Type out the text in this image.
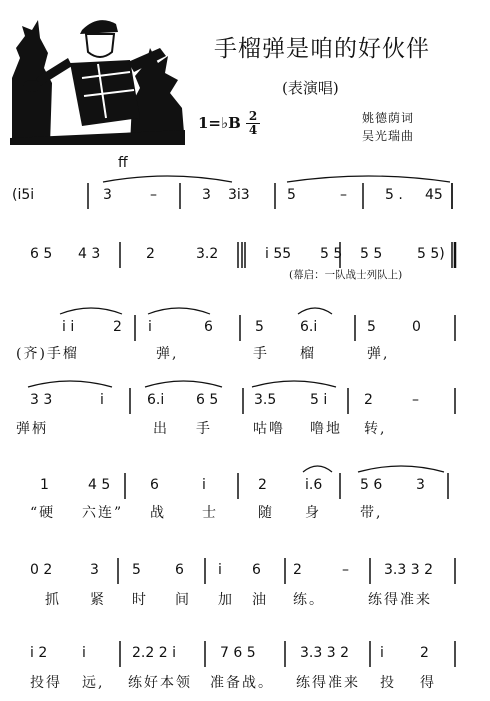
手榴弹是咱的好伙伴
(表演唱)
1=♭B 2
4
姚德荫词
吴光瑞曲
(i5i	3	–	3 3i3	5	–	5 . 45
ff
6 5 4 3	2	3.2	i 55 5 5 5 5 5 5)
(幕启：一队战士列队上)
i i	2 i	6	5	6.i	5	0
(齐)手榴	弹,	手 榴	弹,
3 3	i	6.i 6 5	3.5 5 i	2	–
弹柄	出 手	咕噜 噜地 转,
1	4 5	6	i	2	i.6	5 6 3
“硬 六连” 战	士	随 身	带,
0 2	3 5 6 i 6 2	–	3.3 3 2
抓 紧 时 间 加 油 练。	练得准来
i 2 i	2.2 2 i	7 6 5	3.3 3 2 i	2
投得 远, 练好本领 准备战。 练得准来 投 得
